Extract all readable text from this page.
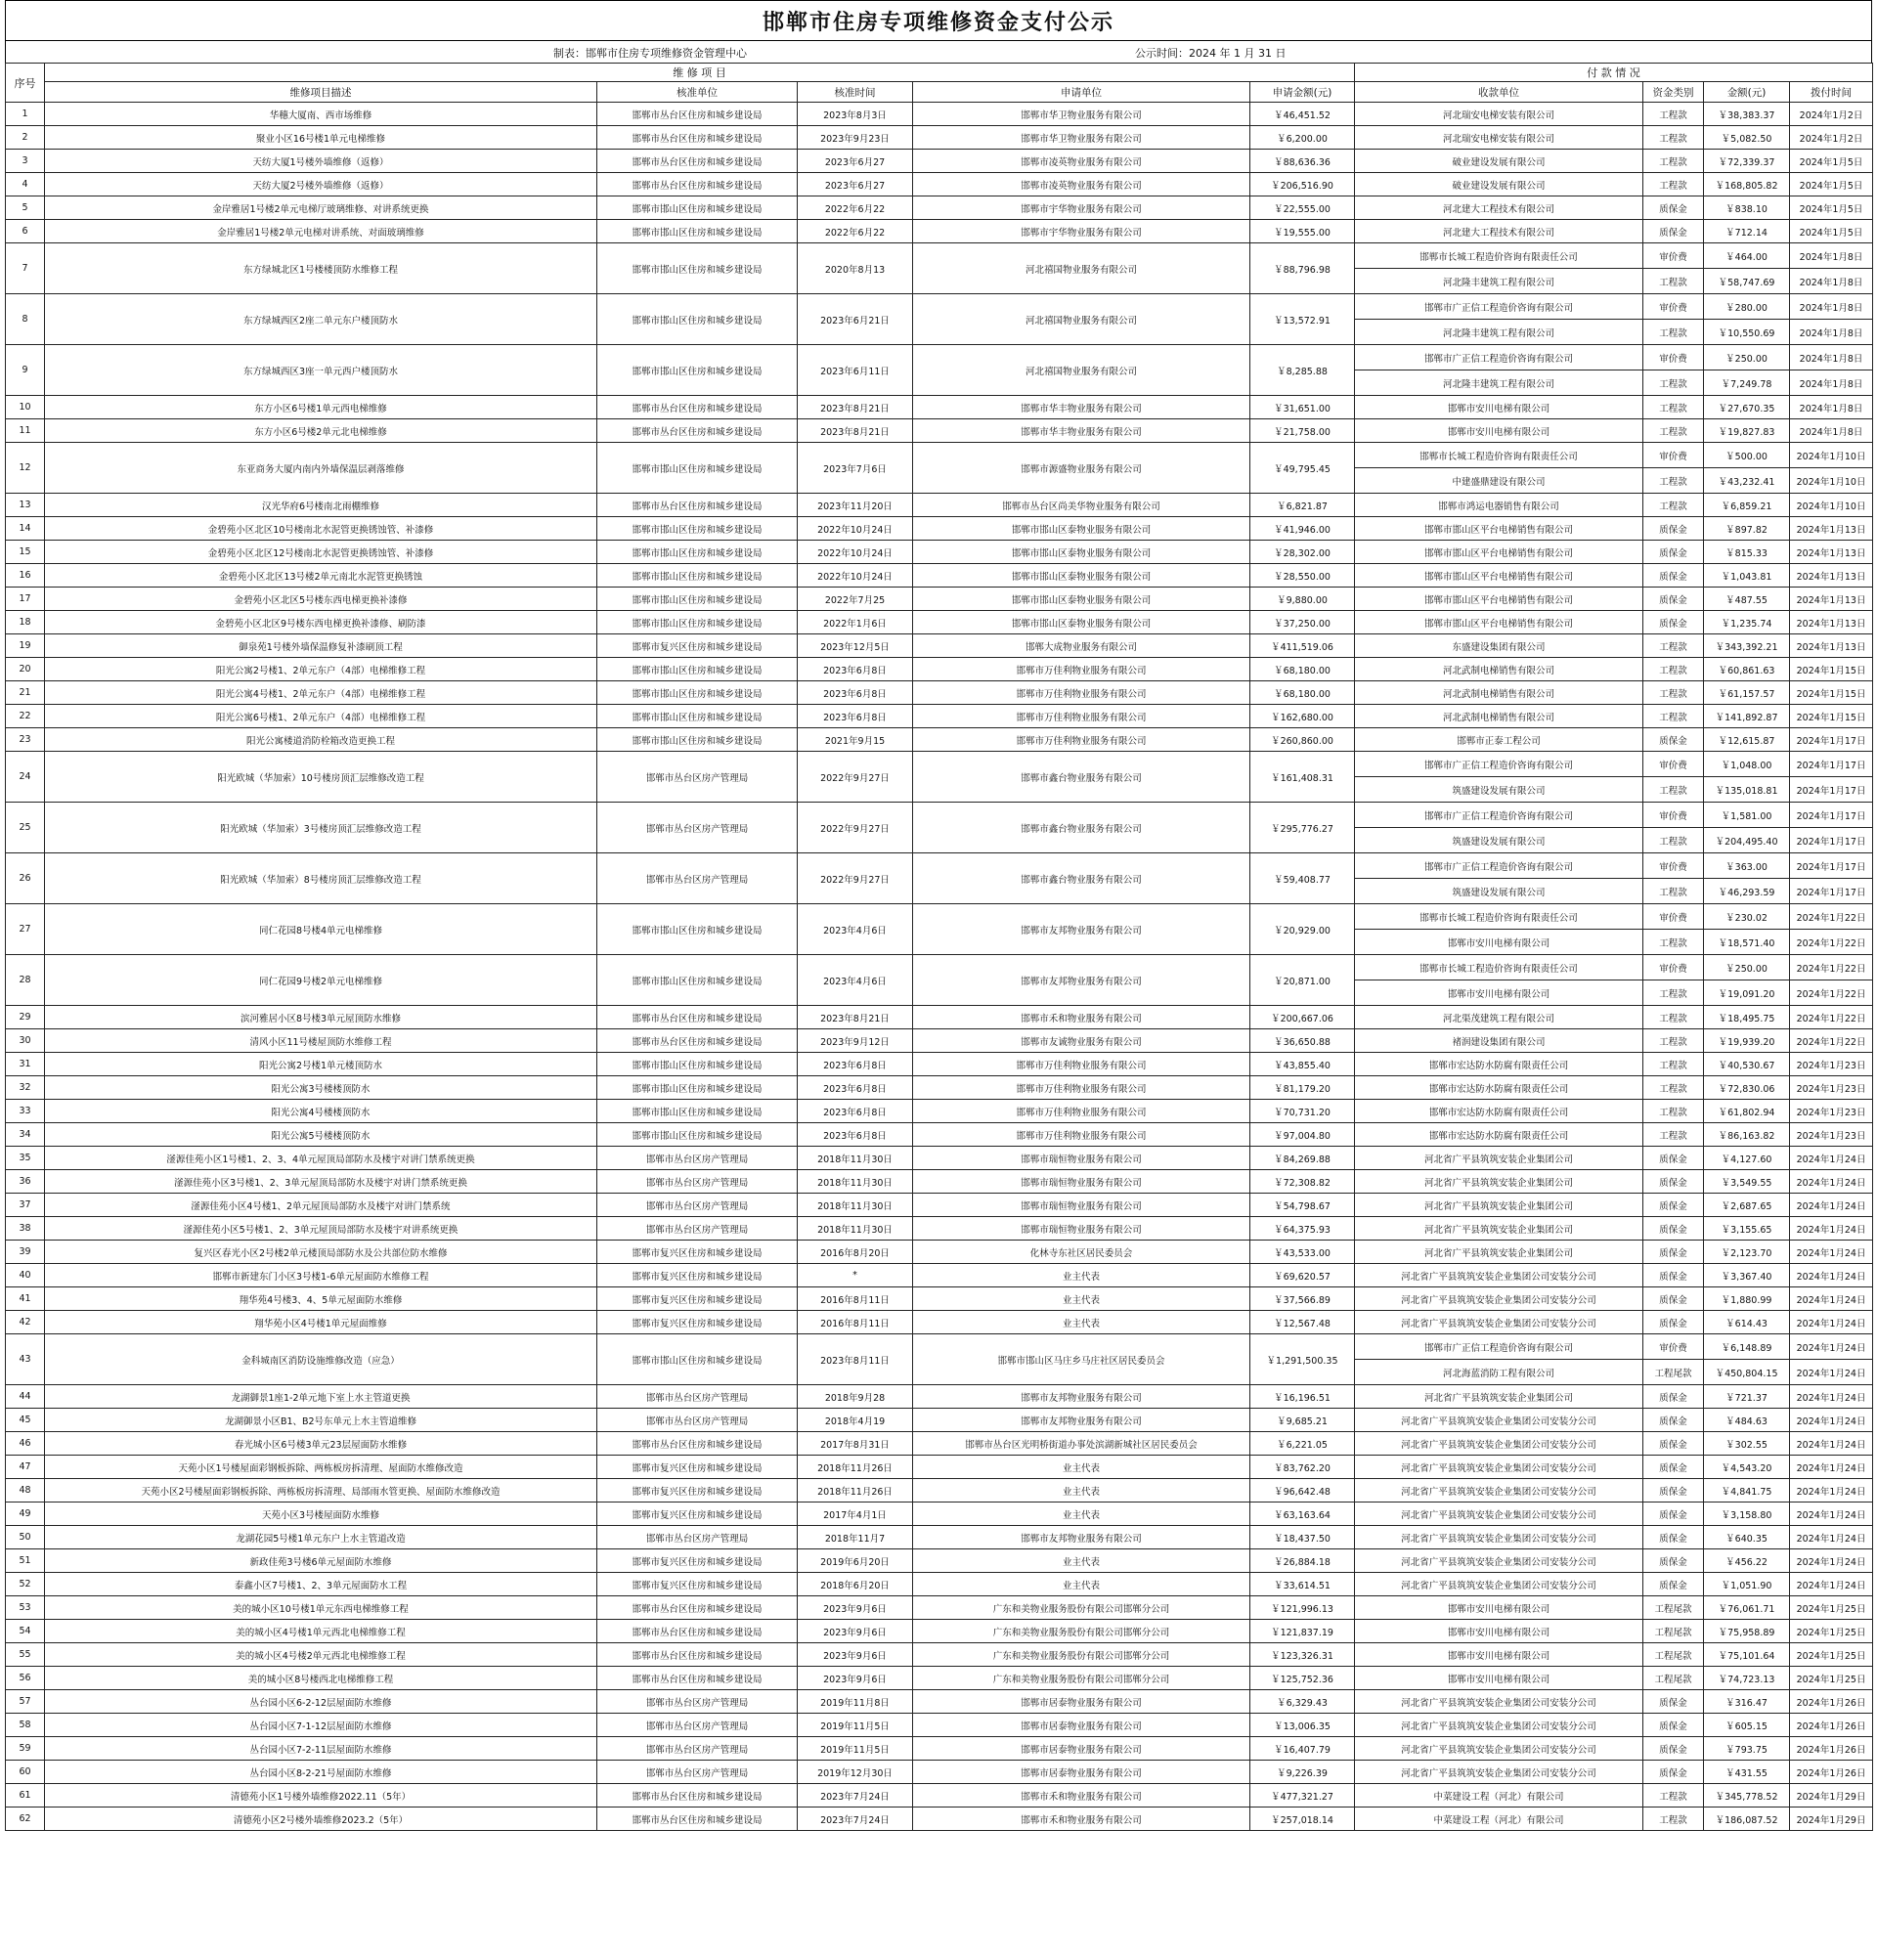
邯郸市住房专项维修资金支付公示
制表：邯郸市住房专项维修资金管理中心	公示时间：2024 年 1 月 31 日
序号	维 修 项 目					付 款 情 况			
	维修项目描述	核准单位	核准时间	申请单位	申请金额(元)	收款单位	资金类别	金额(元)	拨付时间
1	华穗大厦南、西市场维修	邯郸市丛台区住房和城乡建设局	2023年8月3日	邯郸市华卫物业服务有限公司	￥46,451.52	河北瑞安电梯安装有限公司	工程款	￥38,383.37	2024年1月2日
2	聚业小区16号楼1单元电梯维修	邯郸市丛台区住房和城乡建设局	2023年9月23日	邯郸市华卫物业服务有限公司	￥6,200.00	河北瑞安电梯安装有限公司	工程款	￥5,082.50	2024年1月2日
3	天纺大厦1号楼外墙维修（返修）	邯郸市丛台区住房和城乡建设局	2023年6月27	邯郸市凌英物业服务有限公司	￥88,636.36	破业建设发展有限公司	工程款	￥72,339.37	2024年1月5日
4	天纺大厦2号楼外墙维修（返修）	邯郸市丛台区住房和城乡建设局	2023年6月27	邯郸市凌英物业服务有限公司	￥206,516.90	破业建设发展有限公司	工程款	￥168,805.82	2024年1月5日
5	金岸雅居1号楼2单元电梯厅玻璃维修、对讲系统更换	邯郸市邯山区住房和城乡建设局	2022年6月22	邯郸市宇华物业服务有限公司	￥22,555.00	河北建大工程技术有限公司	质保金	￥838.10	2024年1月5日
6	金岸雅居1号楼2单元电梯对讲系统、对面玻璃维修	邯郸市邯山区住房和城乡建设局	2022年6月22	邯郸市宇华物业服务有限公司	￥19,555.00	河北建大工程技术有限公司	质保金	￥712.14	2024年1月5日
7	东方绿城北区1号楼楼顶防水维修工程	邯郸市邯山区住房和城乡建设局	2020年8月13	河北禧国物业服务有限公司	￥88,796.98	邯郸市长城工程造价咨询有限责任公司	审价费	￥464.00	2024年1月8日
						河北隆丰建筑工程有限公司	工程款	￥58,747.69	2024年1月8日
8	东方绿城西区2座二单元东户楼顶防水	邯郸市邯山区住房和城乡建设局	2023年6月21日	河北禧国物业服务有限公司	￥13,572.91	邯郸市广正信工程造价咨询有限公司	审价费	￥280.00	2024年1月8日
						河北隆丰建筑工程有限公司	工程款	￥10,550.69	2024年1月8日
9	东方绿城西区3座一单元西户楼顶防水	邯郸市邯山区住房和城乡建设局	2023年6月11日	河北禧国物业服务有限公司	￥8,285.88	邯郸市广正信工程造价咨询有限公司	审价费	￥250.00	2024年1月8日
						河北隆丰建筑工程有限公司	工程款	￥7,249.78	2024年1月8日
10	东方小区6号楼1单元西电梯维修	邯郸市丛台区住房和城乡建设局	2023年8月21日	邯郸市华丰物业服务有限公司	￥31,651.00	邯郸市安川电梯有限公司	工程款	￥27,670.35	2024年1月8日
11	东方小区6号楼2单元北电梯维修	邯郸市丛台区住房和城乡建设局	2023年8月21日	邯郸市华丰物业服务有限公司	￥21,758.00	邯郸市安川电梯有限公司	工程款	￥19,827.83	2024年1月8日
12	东亚商务大厦内南内外墙保温层剥落维修	邯郸市邯山区住房和城乡建设局	2023年7月6日	邯郸市源盛物业服务有限公司	￥49,795.45	邯郸市长城工程造价咨询有限责任公司	审价费	￥500.00	2024年1月10日
						中建盛鼎建设有限公司	工程款	￥43,232.41	2024年1月10日
13	汉光华府6号楼南北雨棚维修	邯郸市丛台区住房和城乡建设局	2023年11月20日	邯郸市丛台区尚美华物业服务有限公司	￥6,821.87	邯郸市鸿运电器销售有限公司	工程款	￥6,859.21	2024年1月10日
14	金碧苑小区北区10号楼南北水泥管更换锈蚀管、补漆修	邯郸市邯山区住房和城乡建设局	2022年10月24日	邯郸市邯山区泰物业服务有限公司	￥41,946.00	邯郸市邯山区平台电梯销售有限公司	质保金	￥897.82	2024年1月13日
15	金碧苑小区北区12号楼南北水泥管更换锈蚀管、补漆修	邯郸市邯山区住房和城乡建设局	2022年10月24日	邯郸市邯山区泰物业服务有限公司	￥28,302.00	邯郸市邯山区平台电梯销售有限公司	质保金	￥815.33	2024年1月13日
16	金碧苑小区北区13号楼2单元南北水泥管更换锈蚀	邯郸市邯山区住房和城乡建设局	2022年10月24日	邯郸市邯山区泰物业服务有限公司	￥28,550.00	邯郸市邯山区平台电梯销售有限公司	质保金	￥1,043.81	2024年1月13日
17	金碧苑小区北区5号楼东西电梯更换补漆修	邯郸市邯山区住房和城乡建设局	2022年7月25	邯郸市邯山区泰物业服务有限公司	￥9,880.00	邯郸市邯山区平台电梯销售有限公司	质保金	￥487.55	2024年1月13日
18	金碧苑小区北区9号楼东西电梯更换补漆修、刷防漆	邯郸市邯山区住房和城乡建设局	2022年1月6日	邯郸市邯山区泰物业服务有限公司	￥37,250.00	邯郸市邯山区平台电梯销售有限公司	质保金	￥1,235.74	2024年1月13日
19	御泉苑1号楼外墙保温修复补漆刷顶工程	邯郸市复兴区住房和城乡建设局	2023年12月5日	邯郸大成物业服务有限公司	￥411,519.06	东盛建设集团有限公司	工程款	￥343,392.21	2024年1月13日
20	阳光公寓2号楼1、2单元东户（4部）电梯维修工程	邯郸市邯山区住房和城乡建设局	2023年6月8日	邯郸市万佳利物业服务有限公司	￥68,180.00	河北武制电梯销售有限公司	工程款	￥60,861.63	2024年1月15日
21	阳光公寓4号楼1、2单元东户（4部）电梯维修工程	邯郸市邯山区住房和城乡建设局	2023年6月8日	邯郸市万佳利物业服务有限公司	￥68,180.00	河北武制电梯销售有限公司	工程款	￥61,157.57	2024年1月15日
22	阳光公寓6号楼1、2单元东户（4部）电梯维修工程	邯郸市邯山区住房和城乡建设局	2023年6月8日	邯郸市万佳利物业服务有限公司	￥162,680.00	河北武制电梯销售有限公司	工程款	￥141,892.87	2024年1月15日
23	阳光公寓楼道消防栓箱改造更换工程	邯郸市邯山区住房和城乡建设局	2021年9月15	邯郸市万佳利物业服务有限公司	￥260,860.00	邯郸市正泰工程公司	质保金	￥12,615.87	2024年1月17日
24	阳光欧城（华加索）10号楼房顶汇层维修改造工程	邯郸市丛台区房产管理局	2022年9月27日	邯郸市鑫台物业服务有限公司	￥161,408.31	邯郸市广正信工程造价咨询有限公司	审价费	￥1,048.00	2024年1月17日
						筑盛建设发展有限公司	工程款	￥135,018.81	2024年1月17日
25	阳光欧城（华加索）3号楼房顶汇层维修改造工程	邯郸市丛台区房产管理局	2022年9月27日	邯郸市鑫台物业服务有限公司	￥295,776.27	邯郸市广正信工程造价咨询有限公司	审价费	￥1,581.00	2024年1月17日
						筑盛建设发展有限公司	工程款	￥204,495.40	2024年1月17日
26	阳光欧城（华加索）8号楼房顶汇层维修改造工程	邯郸市丛台区房产管理局	2022年9月27日	邯郸市鑫台物业服务有限公司	￥59,408.77	邯郸市广正信工程造价咨询有限公司	审价费	￥363.00	2024年1月17日
						筑盛建设发展有限公司	工程款	￥46,293.59	2024年1月17日
27	同仁花园8号楼4单元电梯维修	邯郸市邯山区住房和城乡建设局	2023年4月6日	邯郸市友邦物业服务有限公司	￥20,929.00	邯郸市长城工程造价咨询有限责任公司	审价费	￥230.02	2024年1月22日
						邯郸市安川电梯有限公司	工程款	￥18,571.40	2024年1月22日
28	同仁花园9号楼2单元电梯维修	邯郸市邯山区住房和城乡建设局	2023年4月6日	邯郸市友邦物业服务有限公司	￥20,871.00	邯郸市长城工程造价咨询有限责任公司	审价费	￥250.00	2024年1月22日
						邯郸市安川电梯有限公司	工程款	￥19,091.20	2024年1月22日
29	滨河雅居小区8号楼3单元屋顶防水维修	邯郸市丛台区住房和城乡建设局	2023年8月21日	邯郸市禾和物业服务有限公司	￥200,667.06	河北渠茂建筑工程有限公司	工程款	￥18,495.75	2024年1月22日
30	清风小区11号楼屋顶防水维修工程	邯郸市丛台区住房和城乡建设局	2023年9月12日	邯郸市友诚物业服务有限公司	￥36,650.88	褚润建设集团有限公司	工程款	￥19,939.20	2024年1月22日
31	阳光公寓2号楼1单元楼顶防水	邯郸市邯山区住房和城乡建设局	2023年6月8日	邯郸市万佳利物业服务有限公司	￥43,855.40	邯郸市宏达防水防腐有限责任公司	工程款	￥40,530.67	2024年1月23日
32	阳光公寓3号楼楼顶防水	邯郸市邯山区住房和城乡建设局	2023年6月8日	邯郸市万佳利物业服务有限公司	￥81,179.20	邯郸市宏达防水防腐有限责任公司	工程款	￥72,830.06	2024年1月23日
33	阳光公寓4号楼楼顶防水	邯郸市邯山区住房和城乡建设局	2023年6月8日	邯郸市万佳利物业服务有限公司	￥70,731.20	邯郸市宏达防水防腐有限责任公司	工程款	￥61,802.94	2024年1月23日
34	阳光公寓5号楼楼顶防水	邯郸市邯山区住房和城乡建设局	2023年6月8日	邯郸市万佳利物业服务有限公司	￥97,004.80	邯郸市宏达防水防腐有限责任公司	工程款	￥86,163.82	2024年1月23日
35	滏源佳苑小区1号楼1、2、3、4单元屋顶局部防水及楼宇对讲门禁系统更换	邯郸市丛台区房产管理局	2018年11月30日	邯郸市瑞恒物业服务有限公司	￥84,269.88	河北省广平县筑筑安装企业集团公司	质保金	￥4,127.60	2024年1月24日
36	滏源佳苑小区3号楼1、2、3单元屋顶局部防水及楼宇对讲门禁系统更换	邯郸市丛台区房产管理局	2018年11月30日	邯郸市瑞恒物业服务有限公司	￥72,308.82	河北省广平县筑筑安装企业集团公司	质保金	￥3,549.55	2024年1月24日
37	滏源佳苑小区4号楼1、2单元屋顶局部防水及楼宇对讲门禁系统	邯郸市丛台区房产管理局	2018年11月30日	邯郸市瑞恒物业服务有限公司	￥54,798.67	河北省广平县筑筑安装企业集团公司	质保金	￥2,687.65	2024年1月24日
38	滏源佳苑小区5号楼1、2、3单元屋顶局部防水及楼宇对讲系统更换	邯郸市丛台区房产管理局	2018年11月30日	邯郸市瑞恒物业服务有限公司	￥64,375.93	河北省广平县筑筑安装企业集团公司	质保金	￥3,155.65	2024年1月24日
39	复兴区春光小区2号楼2单元楼顶局部防水及公共部位防水维修	邯郸市复兴区住房和城乡建设局	2016年8月20日	化林寺东社区居民委员会	￥43,533.00	河北省广平县筑筑安装企业集团公司	质保金	￥2,123.70	2024年1月24日
40	邯郸市新建东门小区3号楼1-6单元屋面防水维修工程	邯郸市复兴区住房和城乡建设局	*	业主代表	￥69,620.57	河北省广平县筑筑安装企业集团公司安装分公司	质保金	￥3,367.40	2024年1月24日
41	翔华苑4号楼3、4、5单元屋面防水维修	邯郸市复兴区住房和城乡建设局	2016年8月11日	业主代表	￥37,566.89	河北省广平县筑筑安装企业集团公司安装分公司	质保金	￥1,880.99	2024年1月24日
42	翔华苑小区4号楼1单元屋面维修	邯郸市复兴区住房和城乡建设局	2016年8月11日	业主代表	￥12,567.48	河北省广平县筑筑安装企业集团公司安装分公司	质保金	￥614.43	2024年1月24日
43	金科城南区消防设施维修改造（应急）	邯郸市邯山区住房和城乡建设局	2023年8月11日	邯郸市邯山区马庄乡马庄社区居民委员会	￥1,291,500.35	邯郸市广正信工程造价咨询有限公司	审价费	￥6,148.89	2024年1月24日
						河北海蓝消防工程有限公司	工程尾款	￥450,804.15	2024年1月24日
44	龙湖御景1座1-2单元地下室上水主管道更换	邯郸市丛台区房产管理局	2018年9月28	邯郸市友邦物业服务有限公司	￥16,196.51	河北省广平县筑筑安装企业集团公司	质保金	￥721.37	2024年1月24日
45	龙湖御景小区B1、B2号东单元上水主管道维修	邯郸市丛台区房产管理局	2018年4月19	邯郸市友邦物业服务有限公司	￥9,685.21	河北省广平县筑筑安装企业集团公司安装分公司	质保金	￥484.63	2024年1月24日
46	春光城小区6号楼3单元23层屋面防水维修	邯郸市丛台区住房和城乡建设局	2017年8月31日	邯郸市丛台区光明桥街道办事处滨湖新城社区居民委员会	￥6,221.05	河北省广平县筑筑安装企业集团公司安装分公司	质保金	￥302.55	2024年1月24日
47	天苑小区1号楼屋面彩钢板拆除、两栋板房拆清理、屋面防水维修改造	邯郸市复兴区住房和城乡建设局	2018年11月26日	业主代表	￥83,762.20	河北省广平县筑筑安装企业集团公司安装分公司	质保金	￥4,543.20	2024年1月24日
48	天苑小区2号楼屋面彩钢板拆除、两栋板房拆清理、局部雨水管更换、屋面防水维修改造	邯郸市复兴区住房和城乡建设局	2018年11月26日	业主代表	￥96,642.48	河北省广平县筑筑安装企业集团公司安装分公司	质保金	￥4,841.75	2024年1月24日
49	天苑小区3号楼屋面防水维修	邯郸市复兴区住房和城乡建设局	2017年4月1日	业主代表	￥63,163.64	河北省广平县筑筑安装企业集团公司安装分公司	质保金	￥3,158.80	2024年1月24日
50	龙湖花园5号楼1单元东户上水主管道改造	邯郸市丛台区房产管理局	2018年11月7	邯郸市友邦物业服务有限公司	￥18,437.50	河北省广平县筑筑安装企业集团公司安装分公司	质保金	￥640.35	2024年1月24日
51	新政佳苑3号楼6单元屋面防水维修	邯郸市复兴区住房和城乡建设局	2019年6月20日	业主代表	￥26,884.18	河北省广平县筑筑安装企业集团公司安装分公司	质保金	￥456.22	2024年1月24日
52	泰鑫小区7号楼1、2、3单元屋面防水工程	邯郸市复兴区住房和城乡建设局	2018年6月20日	业主代表	￥33,614.51	河北省广平县筑筑安装企业集团公司安装分公司	质保金	￥1,051.90	2024年1月24日
53	美的城小区10号楼1单元东西电梯维修工程	邯郸市丛台区住房和城乡建设局	2023年9月6日	广东和美物业服务股份有限公司邯郸分公司	￥121,996.13	邯郸市安川电梯有限公司	工程尾款	￥76,061.71	2024年1月25日
54	美的城小区4号楼1单元西北电梯维修工程	邯郸市丛台区住房和城乡建设局	2023年9月6日	广东和美物业服务股份有限公司邯郸分公司	￥121,837.19	邯郸市安川电梯有限公司	工程尾款	￥75,958.89	2024年1月25日
55	美的城小区4号楼2单元西北电梯维修工程	邯郸市丛台区住房和城乡建设局	2023年9月6日	广东和美物业服务股份有限公司邯郸分公司	￥123,326.31	邯郸市安川电梯有限公司	工程尾款	￥75,101.64	2024年1月25日
56	美的城小区8号楼西北电梯维修工程	邯郸市丛台区住房和城乡建设局	2023年9月6日	广东和美物业服务股份有限公司邯郸分公司	￥125,752.36	邯郸市安川电梯有限公司	工程尾款	￥74,723.13	2024年1月25日
57	丛台园小区6-2-12层屋面防水维修	邯郸市丛台区房产管理局	2019年11月8日	邯郸市居泰物业服务有限公司	￥6,329.43	河北省广平县筑筑安装企业集团公司安装分公司	质保金	￥316.47	2024年1月26日
58	丛台园小区7-1-12层屋面防水维修	邯郸市丛台区房产管理局	2019年11月5日	邯郸市居泰物业服务有限公司	￥13,006.35	河北省广平县筑筑安装企业集团公司安装分公司	质保金	￥605.15	2024年1月26日
59	丛台园小区7-2-11层屋面防水维修	邯郸市丛台区房产管理局	2019年11月5日	邯郸市居泰物业服务有限公司	￥16,407.79	河北省广平县筑筑安装企业集团公司安装分公司	质保金	￥793.75	2024年1月26日
60	丛台园小区8-2-21号屋面防水维修	邯郸市丛台区房产管理局	2019年12月30日	邯郸市居泰物业服务有限公司	￥9,226.39	河北省广平县筑筑安装企业集团公司安装分公司	质保金	￥431.55	2024年1月26日
61	清德苑小区1号楼外墙维修2022.11（5年）	邯郸市丛台区住房和城乡建设局	2023年7月24日	邯郸市禾和物业服务有限公司	￥477,321.27	中菜建设工程（河北）有限公司	工程款	￥345,778.52	2024年1月29日
62	清德苑小区2号楼外墙维修2023.2（5年）	邯郸市丛台区住房和城乡建设局	2023年7月24日	邯郸市禾和物业服务有限公司	￥257,018.14	中菜建设工程（河北）有限公司	工程款	￥186,087.52	2024年1月29日
